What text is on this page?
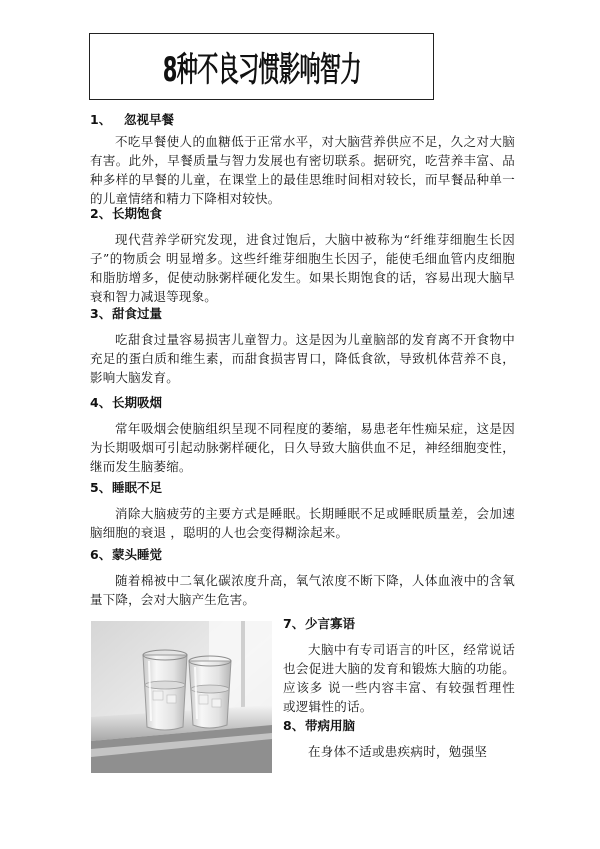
8种不良习惯影响智力

1、	忽视早餐

不吃早餐使人的血糖低于正常水平，对大脑营养供应不足，久之对大脑有害。此外，早餐质量与智力发展也有密切联系。据研究，吃营养丰富、品种多样的早餐的儿童，在课堂上的最佳思维时间相对较长，而早餐品种单一的儿童情绪和精力下降相对较快。

2、 长期饱食

现代营养学研究发现，进食过饱后，大脑中被称为“纤维芽细胞生长因子”的物质会 明显增多。这些纤维芽细胞生长因子，能使毛细血管内皮细胞和脂肪增多，促使动脉粥样硬化发生。如果长期饱食的话，容易出现大脑早衰和智力减退等现象。

3、 甜食过量

吃甜食过量容易损害儿童智力。这是因为儿童脑部的发育离不开食物中充足的蛋白质和维生素，而甜食损害胃口，降低食欲，导致机体营养不良，影响大脑发育。

4、 长期吸烟

常年吸烟会使脑组织呈现不同程度的萎缩，易患老年性痴呆症，这是因为长期吸烟可引起动脉粥样硬化，日久导致大脑供血不足，神经细胞变性，继而发生脑萎缩。

5、 睡眠不足

消除大脑疲劳的主要方式是睡眠。长期睡眠不足或睡眠质量差，会加速脑细胞的衰退 ，聪明的人也会变得糊涂起来。

6、 蒙头睡觉

随着棉被中二氧化碳浓度升高，氧气浓度不断下降，人体血液中的含氧量下降，会对大脑产生危害。

7、 少言寡语

大脑中有专司语言的叶区，经常说话也会促进大脑的发育和锻炼大脑的功能。应该多 说一些内容丰富、有较强哲理性或逻辑性的话。

8、 带病用脑

在身体不适或患疾病时，勉强坚
